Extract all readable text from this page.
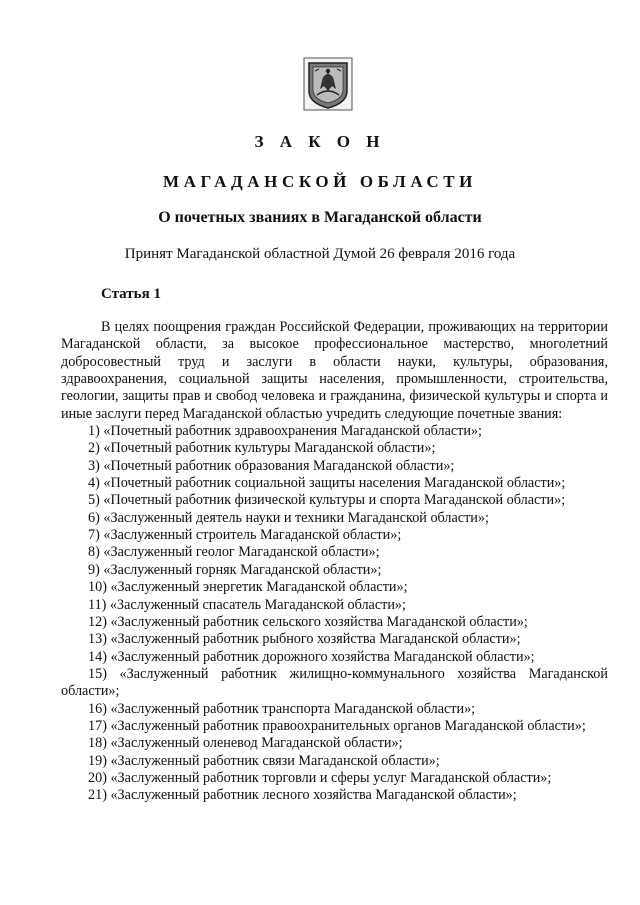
З А К О Н
МАГАДАНСКОЙ ОБЛАСТИ
О почетных званиях в Магаданской области
Принят Магаданской областной Думой 26 февраля 2016 года
Статья 1

В целях поощрения граждан Российской Федерации, проживающих на территории Магаданской области, за высокое профессиональное мастерство, многолетний добросовестный труд и заслуги в области науки, культуры, образования, здравоохранения, социальной защиты населения, промышленности, строительства, геологии, защиты прав и свобод человека и гражданина, физической культуры и спорта и иные заслуги перед Магаданской областью учредить следующие почетные звания:

1) «Почетный работник здравоохранения Магаданской области»;
2) «Почетный работник культуры Магаданской области»;
3) «Почетный работник образования Магаданской области»;
4) «Почетный работник социальной защиты населения Магаданской области»;
5) «Почетный работник физической культуры и спорта Магаданской области»;
6) «Заслуженный деятель науки и техники Магаданской области»;
7) «Заслуженный строитель Магаданской области»;
8) «Заслуженный геолог Магаданской области»;
9) «Заслуженный горняк Магаданской области»;
10) «Заслуженный энергетик Магаданской области»;
11) «Заслуженный спасатель Магаданской области»;
12) «Заслуженный работник сельского хозяйства Магаданской области»;
13) «Заслуженный работник рыбного хозяйства Магаданской области»;
14) «Заслуженный работник дорожного хозяйства Магаданской области»;
15) «Заслуженный работник жилищно-коммунального хозяйства Магаданской области»;
16) «Заслуженный работник транспорта Магаданской области»;
17) «Заслуженный работник правоохранительных органов Магаданской области»;
18) «Заслуженный оленевод Магаданской области»;
19) «Заслуженный работник связи Магаданской области»;
20) «Заслуженный работник торговли и сферы услуг Магаданской области»;
21) «Заслуженный работник лесного хозяйства Магаданской области»;
